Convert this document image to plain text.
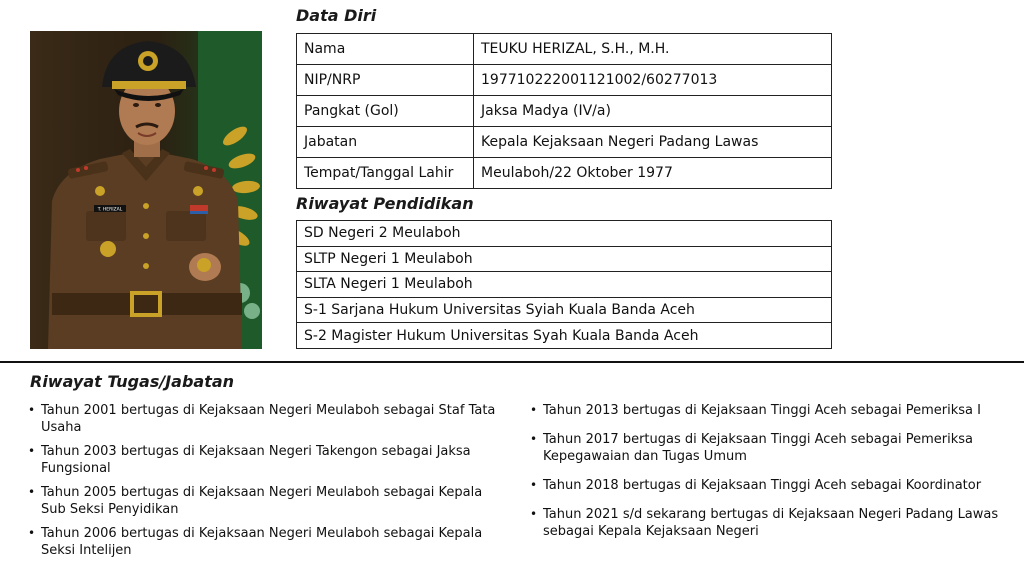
T. HERIZAL
Data Diri
Nama	TEUKU HERIZAL, S.H., M.H.
NIP/NRP	197710222001121002/60277013
Pangkat (Gol)	Jaksa Madya (IV/a)
Jabatan	Kepala Kejaksaan Negeri Padang Lawas
Tempat/Tanggal Lahir	Meulaboh/22 Oktober 1977
Riwayat Pendidikan
SD Negeri 2 Meulaboh
SLTP Negeri 1 Meulaboh
SLTA Negeri 1 Meulaboh
S-1 Sarjana Hukum Universitas Syiah Kuala Banda Aceh
S-2 Magister Hukum Universitas Syah Kuala Banda Aceh
Riwayat Tugas/Jabatan
• Tahun 2001 bertugas di Kejaksaan Negeri Meulaboh sebagai Staf Tata Usaha
• Tahun 2003 bertugas di Kejaksaan Negeri Takengon sebagai Jaksa Fungsional
• Tahun 2005 bertugas di Kejaksaan Negeri Meulaboh sebagai Kepala Sub Seksi Penyidikan
• Tahun 2006 bertugas di Kejaksaan Negeri Meulaboh sebagai Kepala Seksi Intelijen
• Tahun 2013 bertugas di Kejaksaan Tinggi Aceh sebagai Pemeriksa I
• Tahun 2017 bertugas di Kejaksaan Tinggi Aceh sebagai Pemeriksa Kepegawaian dan Tugas Umum
• Tahun 2018 bertugas di Kejaksaan Tinggi Aceh sebagai Koordinator
• Tahun 2021 s/d sekarang bertugas di Kejaksaan Negeri Padang Lawas sebagai Kepala Kejaksaan Negeri
